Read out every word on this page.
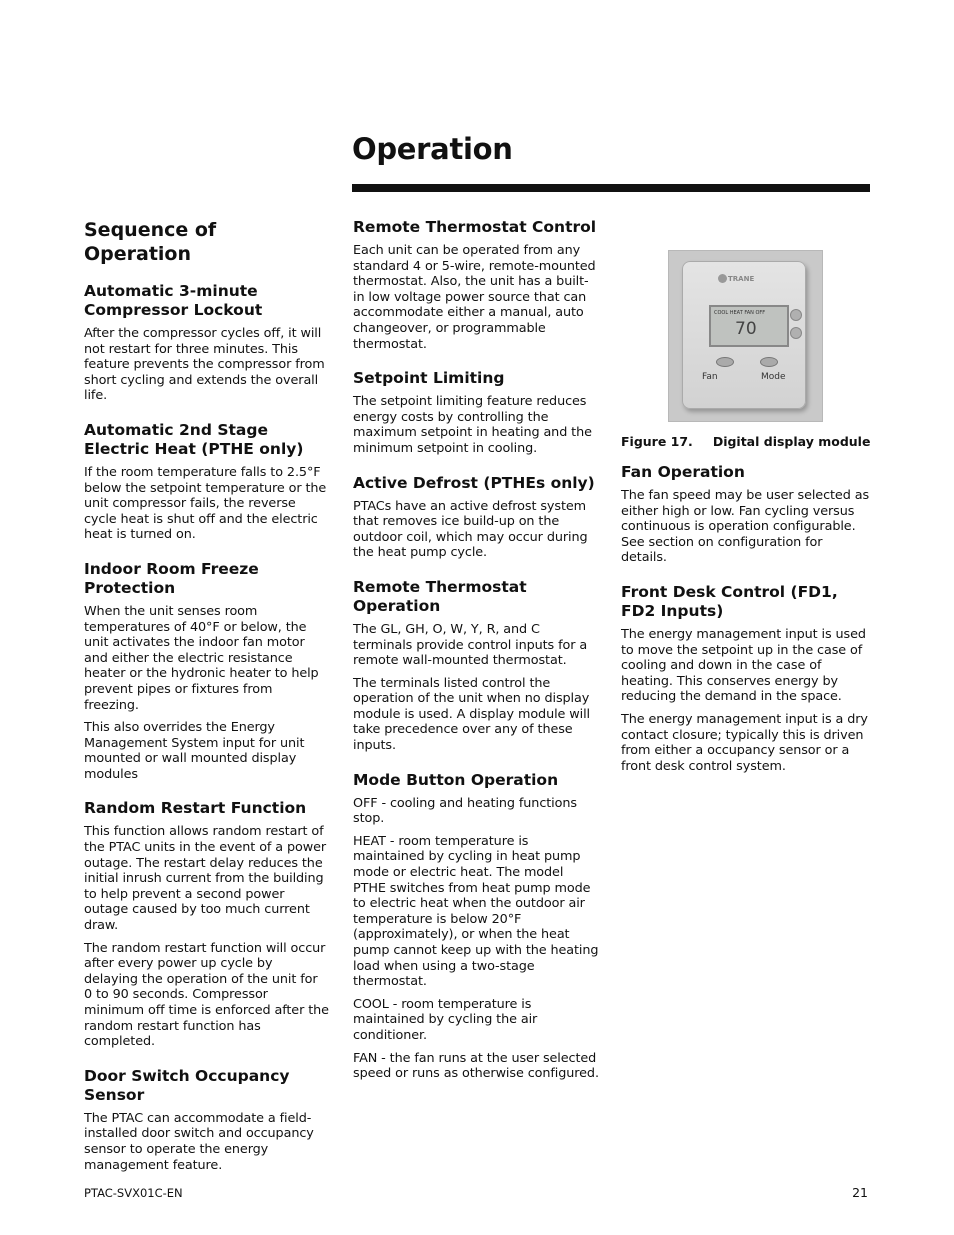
Operation
Sequence of Operation
Automatic 3-minute Compressor Lockout

After the compressor cycles off, it will not restart for three minutes. This feature prevents the compressor from short cycling and extends the overall life.

Automatic 2nd Stage Electric Heat (PTHE only)

If the room temperature falls to 2.5°F below the setpoint temperature or the unit compressor fails, the reverse cycle heat is shut off and the electric heat is turned on.

Indoor Room Freeze Protection

When the unit senses room temperatures of 40°F or below, the unit activates the indoor fan motor and either the electric resistance heater or the hydronic heater to help prevent pipes or fixtures from freezing.

This also overrides the Energy Management System input for unit mounted or wall mounted display modules

Random Restart Function

This function allows random restart of the PTAC units in the event of a power outage. The restart delay reduces the initial inrush current from the building to help prevent a second power outage caused by too much current draw.

The random restart function will occur after every power up cycle by delaying the operation of the unit for 0 to 90 seconds. Compressor minimum off time is enforced after the random restart function has completed.

Door Switch Occupancy Sensor

The PTAC can accommodate a field-installed door switch and occupancy sensor to operate the energy management feature.

Remote Thermostat Control

Each unit can be operated from any standard 4 or 5-wire, remote-mounted thermostat. Also, the unit has a built-in low voltage power source that can accommodate either a manual, auto changeover, or programmable thermostat.

Setpoint Limiting

The setpoint limiting feature reduces energy costs by controlling the maximum setpoint in heating and the minimum setpoint in cooling.

Active Defrost (PTHEs only)

PTACs have an active defrost system that removes ice build-up on the outdoor coil, which may occur during the heat pump cycle.

Remote Thermostat Operation

The GL, GH, O, W, Y, R, and C terminals provide control inputs for a remote wall-mounted thermostat.

The terminals listed control the operation of the unit when no display module is used. A display module will take precedence over any of these inputs.

Mode Button Operation

OFF - cooling and heating functions stop.

HEAT - room temperature is maintained by cycling in heat pump mode or electric heat. The model PTHE switches from heat pump mode to electric heat when the outdoor air temperature is below 20°F (approximately), or when the heat pump cannot keep up with the heating load when using a two-stage thermostat.

COOL - room temperature is maintained by cycling the air conditioner.

FAN - the fan runs at the user selected speed or runs as otherwise configured.

TRANE
COOL HEAT FAN OFF
70
Fan	Mode
Figure 17. Digital display module
Fan Operation

The fan speed may be user selected as either high or low. Fan cycling versus continuous is operation configurable. See section on configuration for details.

Front Desk Control (FD1, FD2 Inputs)

The energy management input is used to move the setpoint up in the case of cooling and down in the case of heating. This conserves energy by reducing the demand in the space.

The energy management input is a dry contact closure; typically this is driven from either a occupancy sensor or a front desk control system.

PTAC-SVX01C-EN	21
